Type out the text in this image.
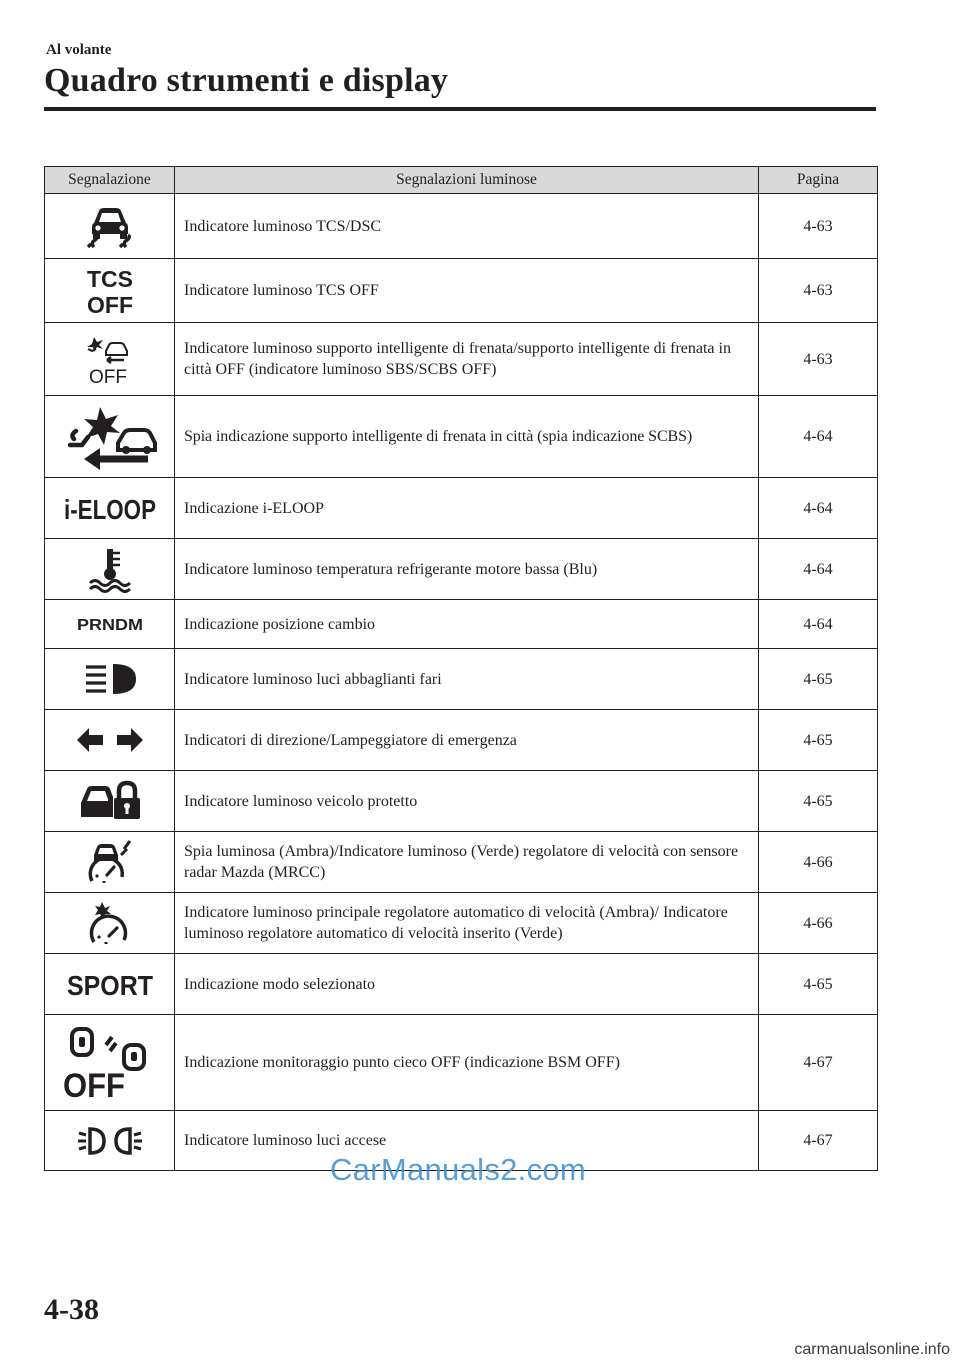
Al volante
Quadro strumenti e display
Segnalazione	Segnalazioni luminose	Pagina

	Indicatore luminoso TCS/DSC	4-63

TCS
OFF	Indicatore luminoso TCS OFF	4-63

OFF	Indicatore luminoso supporto intelligente di frenata/supporto intelligente di frenata in città OFF (indicatore luminoso SBS/SCBS OFF)	4-63

	Spia indicazione supporto intelligente di frenata in città (spia indicazione SCBS)	4-64

i-ELOOP	Indicazione i-ELOOP	4-64

	Indicatore luminoso temperatura refrigerante motore bassa (Blu)	4-64

PRNDM	Indicazione posizione cambio	4-64

	Indicatore luminoso luci abbaglianti fari	4-65

	Indicatori di direzione/Lampeggiatore di emergenza	4-65

	Indicatore luminoso veicolo protetto	4-65

	Spia luminosa (Ambra)/Indicatore luminoso (Verde) regolatore di velocità con sensore radar Mazda (MRCC)	4-66

	Indicatore luminoso principale regolatore automatico di velocità (Ambra)/ Indicatore luminoso regolatore automatico di velocità inserito (Verde)	4-66

SPORT	Indicazione modo selezionato	4-65

OFF	Indicazione monitoraggio punto cieco OFF (indicazione BSM OFF)	4-67

	Indicatore luminoso luci accese	4-67
CarManuals2.com
4-38
carmanualsonline.info
